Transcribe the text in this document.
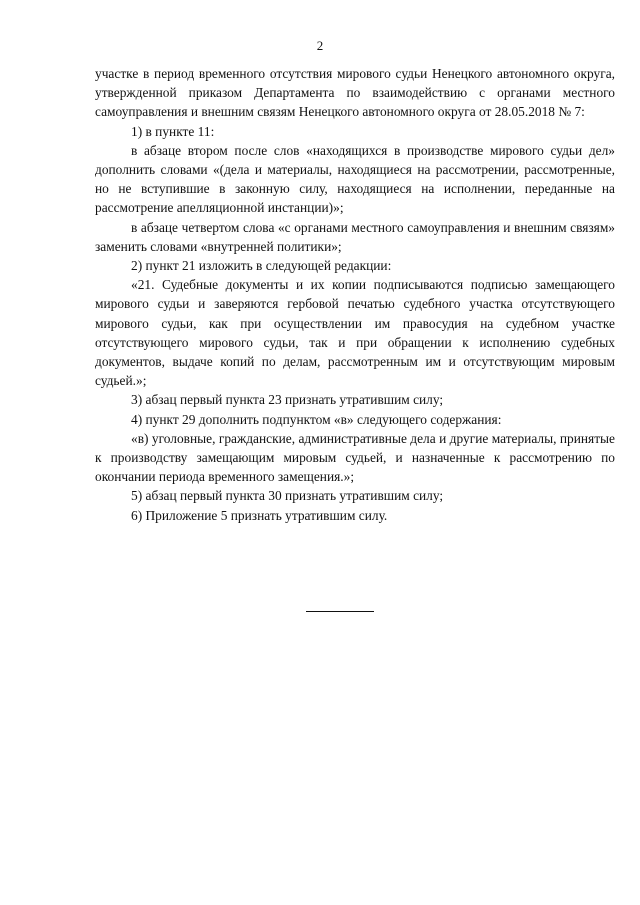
2

участке в период временного отсутствия мирового судьи Ненецкого автономного округа, утвержденной приказом Департамента по взаимодействию с органами местного самоуправления и внешним связям Ненецкого автономного округа от 28.05.2018 № 7:

1) в пункте 11:

в абзаце втором после слов «находящихся в производстве мирового судьи дел» дополнить словами «(дела и материалы, находящиеся на рассмотрении, рассмотренные, но не вступившие в законную силу, находящиеся на исполнении, переданные на рассмотрение апелляционной инстанции)»;

в абзаце четвертом слова «с органами местного самоуправления и внешним связям» заменить словами «внутренней политики»;

2) пункт 21 изложить в следующей редакции:

«21. Судебные документы и их копии подписываются подписью замещающего мирового судьи и заверяются гербовой печатью судебного участка отсутствующего мирового судьи, как при осуществлении им правосудия на судебном участке отсутствующего мирового судьи, так и при обращении к исполнению судебных документов, выдаче копий по делам, рассмотренным им и отсутствующим мировым судьей.»;

3) абзац первый пункта 23 признать утратившим силу;

4) пункт 29 дополнить подпунктом «в» следующего содержания:

«в) уголовные, гражданские, административные дела и другие материалы, принятые к производству замещающим мировым судьей, и назначенные к рассмотрению по окончании периода временного замещения.»;

5) абзац первый пункта 30 признать утратившим силу;

6) Приложение 5 признать утратившим силу.
